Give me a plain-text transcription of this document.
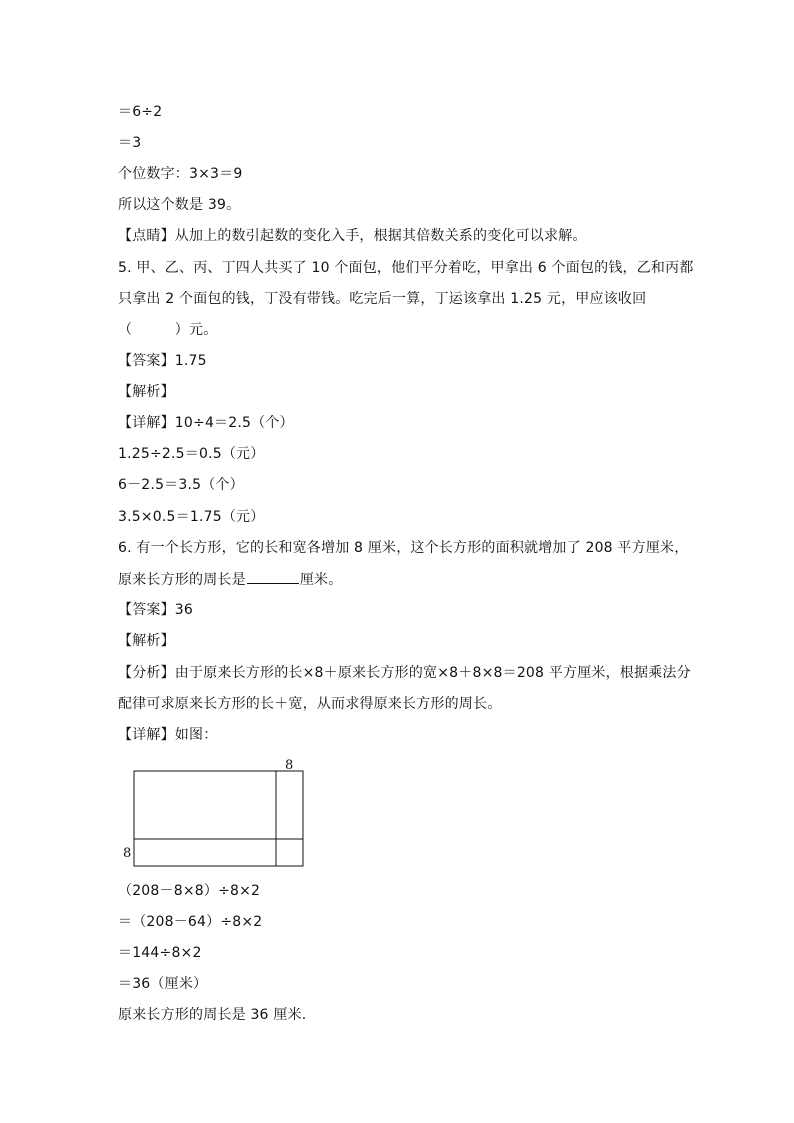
＝6÷2
＝3
个位数字：3×3＝9
所以这个数是 39。
【点睛】从加上的数引起数的变化入手，根据其倍数关系的变化可以求解。
5. 甲、乙、丙、丁四人共买了 10 个面包，他们平分着吃，甲拿出 6 个面包的钱，乙和丙都
只拿出 2 个面包的钱，丁没有带钱。吃完后一算，丁运该拿出 1.25 元，甲应该收回
（　　　）元。
【答案】1.75
【解析】
【详解】10÷4＝2.5（个）
1.25÷2.5＝0.5（元）
6－2.5＝3.5（个）
3.5×0.5＝1.75（元）
6. 有一个长方形，它的长和宽各增加 8 厘米，这个长方形的面积就增加了 208 平方厘米，
原来长方形的周长是	厘米。
【答案】36
【解析】
【分析】由于原来长方形的长×8＋原来长方形的宽×8＋8×8＝208 平方厘米，根据乘法分
配律可求原来长方形的长＋宽，从而求得原来长方形的周长。
【详解】如图：
8
8
（208－8×8）÷8×2
＝（208－64）÷8×2
＝144÷8×2
＝36（厘米）
原来长方形的周长是 36 厘米.
